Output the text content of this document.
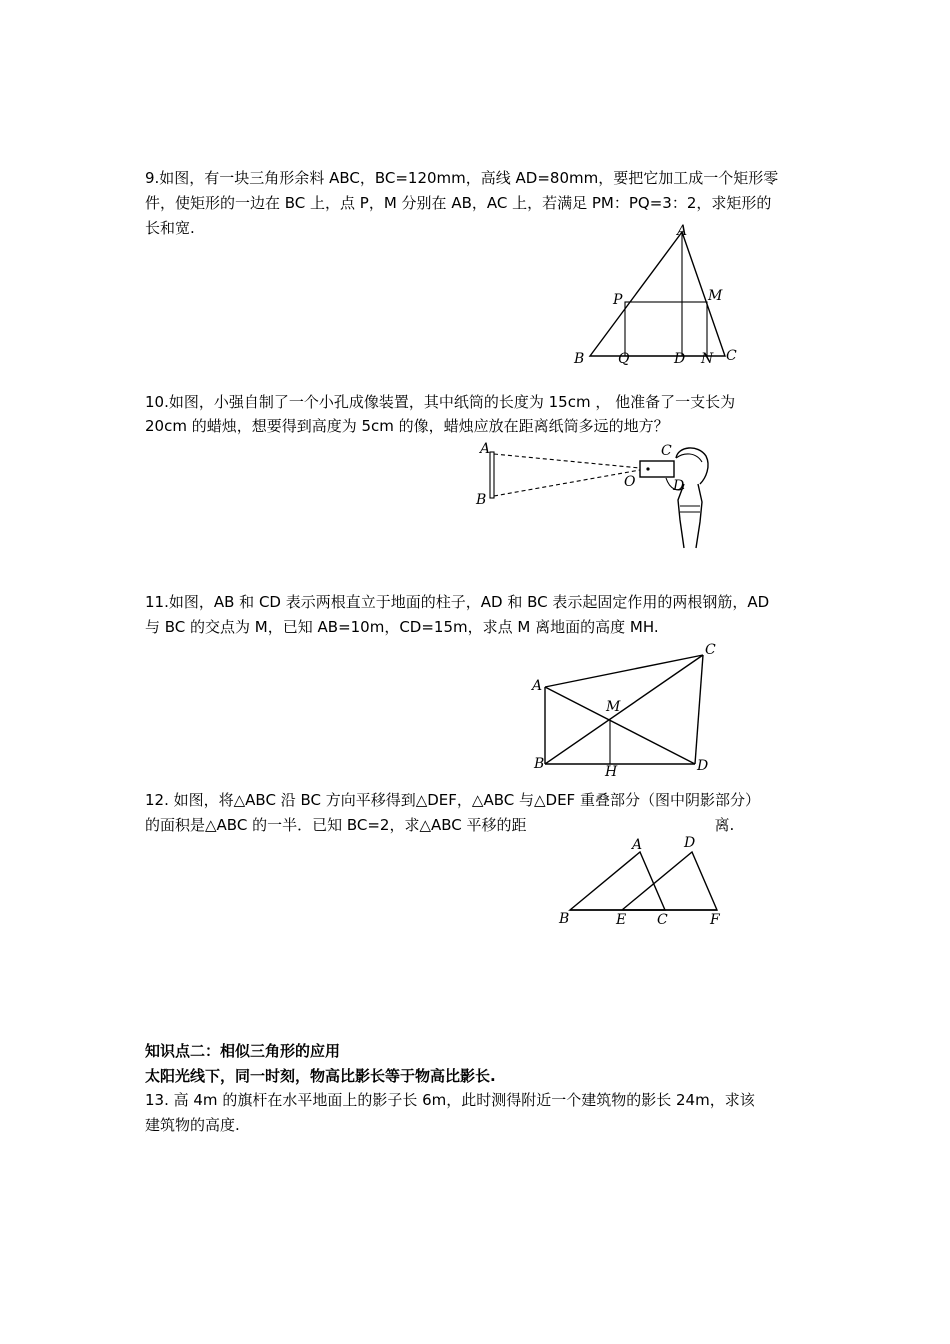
9.如图，有一块三角形余料 ABC，BC=120mm，高线 AD=80mm，要把它加工成一个矩形零
件，使矩形的一边在 BC 上，点 P，M 分别在 AB，AC 上，若满足 PM：PQ=3：2，求矩形的
长和宽.	A
B	C
D
P	M
Q	N
10.如图，小强自制了一个小孔成像装置，其中纸筒的长度为 15cm ， 他准备了一支长为
20cm 的蜡烛，想要得到高度为 5cm 的像，蜡烛应放在距离纸筒多远的地方？
A
B
C
O	D
11.如图，AB 和 CD 表示两根直立于地面的柱子，AD 和 BC 表示起固定作用的两根钢筋，AD
与 BC 的交点为 M，已知 AB=10m，CD=15m，求点 M 离地面的高度 MH.
A
B
C
D
M
H
12. 如图，将△ABC 沿 BC 方向平移得到△DEF，△ABC 与△DEF 重叠部分（图中阴影部分）
的面积是△ABC 的一半．已知 BC=2，求△ABC 平移的距	离.
A
B	C
D
E	F
知识点二：相似三角形的应用
太阳光线下，同一时刻，物高比影长等于物高比影长.
13. 高 4m 的旗杆在水平地面上的影子长 6m，此时测得附近一个建筑物的影长 24m，求该
建筑物的高度.
